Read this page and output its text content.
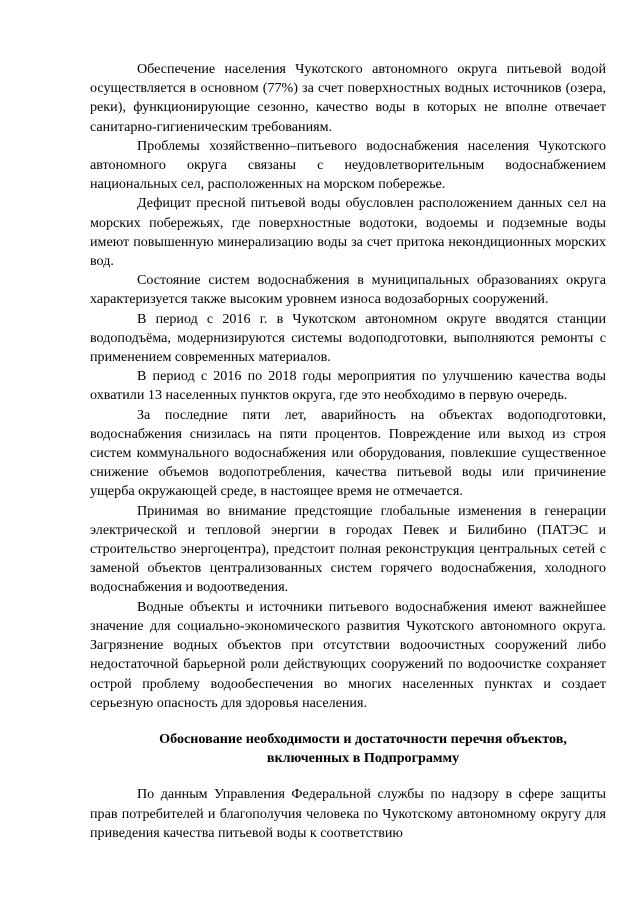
Обеспечение населения Чукотского автономного округа питьевой водой осуществляется в основном (77%) за счет поверхностных водных источников (озера, реки), функционирующие сезонно, качество воды в которых не вполне отвечает санитарно-гигиеническим требованиям.

Проблемы хозяйственно–питьевого водоснабжения населения Чукотского автономного округа связаны с неудовлетворительным водоснабжением национальных сел, расположенных на морском побережье.

Дефицит пресной питьевой воды обусловлен расположением данных сел на морских побережьях, где поверхностные водотоки, водоемы и подземные воды имеют повышенную минерализацию воды за счет притока некондиционных морских вод.

Состояние систем водоснабжения в муниципальных образованиях округа характеризуется также высоким уровнем износа водозаборных сооружений.

В период с 2016 г. в Чукотском автономном округе вводятся станции водоподъёма, модернизируются системы водоподготовки, выполняются ремонты с применением современных материалов.

В период с 2016 по 2018 годы мероприятия по улучшению качества воды охватили 13 населенных пунктов округа, где это необходимо в первую очередь.

За последние пяти лет, аварийность на объектах водоподготовки, водоснабжения снизилась на пяти процентов. Повреждение или выход из строя систем коммунального водоснабжения или оборудования, повлекшие существенное снижение объемов водопотребления, качества питьевой воды или причинение ущерба окружающей среде, в настоящее время не отмечается.

Принимая во внимание предстоящие глобальные изменения в генерации электрической и тепловой энергии в городах Певек и Билибино (ПАТЭС и строительство энергоцентра), предстоит полная реконструкция центральных сетей с заменой объектов централизованных систем горячего водоснабжения, холодного водоснабжения и водоотведения.

Водные объекты и источники питьевого водоснабжения имеют важнейшее значение для социально-экономического развития Чукотского автономного округа. Загрязнение водных объектов при отсутствии водоочистных сооружений либо недостаточной барьерной роли действующих сооружений по водоочистке сохраняет острой проблему водообеспечения во многих населенных пунктах и создает серьезную опасность для здоровья населения.

Обоснование необходимости и достаточности перечня объектов,
включенных в Подпрограмму

По данным Управления Федеральной службы по надзору в сфере защиты прав потребителей и благополучия человека по Чукотскому автономному округу для приведения качества питьевой воды к соответствию
